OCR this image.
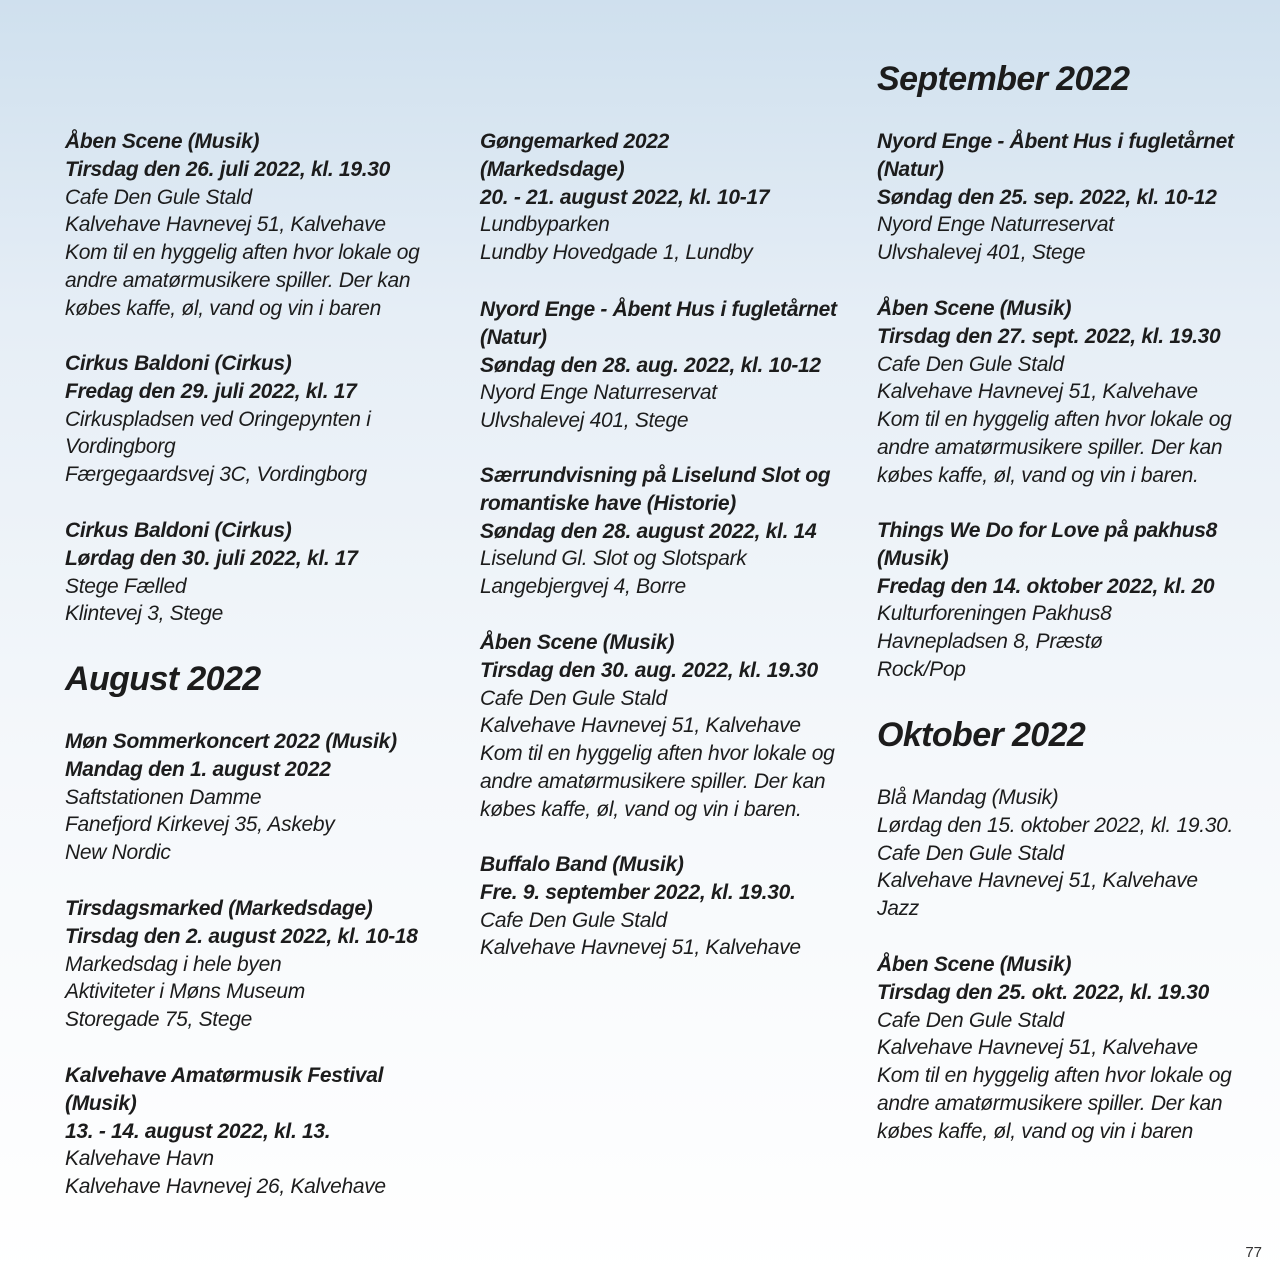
Åben Scene (Musik)
Tirsdag den 26. juli 2022, kl. 19.30
Cafe Den Gule Stald
Kalvehave Havnevej 51, Kalvehave
Kom til en hyggelig aften hvor lokale og
andre amatørmusikere spiller. Der kan
købes kaffe, øl, vand og vin i baren
Cirkus Baldoni (Cirkus)
Fredag den 29. juli 2022, kl. 17
Cirkuspladsen ved Oringepynten i
Vordingborg
Færgegaardsvej 3C, Vordingborg
Cirkus Baldoni (Cirkus)
Lørdag den 30. juli 2022, kl. 17
Stege Fælled
Klintevej 3, Stege
August 2022
Møn Sommerkoncert 2022 (Musik)
Mandag den 1. august 2022
Saftstationen Damme
Fanefjord Kirkevej 35, Askeby
New Nordic
Tirsdagsmarked (Markedsdage)
Tirsdag den 2. august 2022, kl. 10-18
Markedsdag i hele byen
Aktiviteter i Møns Museum
Storegade 75, Stege
Kalvehave Amatørmusik Festival
(Musik)
13. - 14. august 2022, kl. 13.
Kalvehave Havn
Kalvehave Havnevej 26, Kalvehave
Gøngemarked 2022
(Markedsdage)
20. - 21. august 2022, kl. 10-17
Lundbyparken
Lundby Hovedgade 1, Lundby
Nyord Enge - Åbent Hus i fugletårnet
(Natur)
Søndag den 28. aug. 2022, kl. 10-12
Nyord Enge Naturreservat
Ulvshalevej 401, Stege
Særrundvisning på Liselund Slot og
romantiske have (Historie)
Søndag den 28. august 2022, kl. 14
Liselund Gl. Slot og Slotspark
Langebjergvej 4, Borre
Åben Scene (Musik)
Tirsdag den 30. aug. 2022, kl. 19.30
Cafe Den Gule Stald
Kalvehave Havnevej 51, Kalvehave
Kom til en hyggelig aften hvor lokale og
andre amatørmusikere spiller. Der kan
købes kaffe, øl, vand og vin i baren.
Buffalo Band (Musik)
Fre. 9. september 2022, kl. 19.30.
Cafe Den Gule Stald
Kalvehave Havnevej 51, Kalvehave
September 2022
Nyord Enge - Åbent Hus i fugletårnet
(Natur)
Søndag den 25. sep. 2022, kl. 10-12
Nyord Enge Naturreservat
Ulvshalevej 401, Stege
Åben Scene (Musik)
Tirsdag den 27. sept. 2022, kl. 19.30
Cafe Den Gule Stald
Kalvehave Havnevej 51, Kalvehave
Kom til en hyggelig aften hvor lokale og
andre amatørmusikere spiller. Der kan
købes kaffe, øl, vand og vin i baren.
Things We Do for Love på pakhus8
(Musik)
Fredag den 14. oktober 2022, kl. 20
Kulturforeningen Pakhus8
Havnepladsen 8, Præstø
Rock/Pop
Oktober 2022
Blå Mandag (Musik)
Lørdag den 15. oktober 2022, kl. 19.30.
Cafe Den Gule Stald
Kalvehave Havnevej 51, Kalvehave
Jazz
Åben Scene (Musik)
Tirsdag den 25. okt. 2022, kl. 19.30
Cafe Den Gule Stald
Kalvehave Havnevej 51, Kalvehave
Kom til en hyggelig aften hvor lokale og
andre amatørmusikere spiller. Der kan
købes kaffe, øl, vand og vin i baren
77
